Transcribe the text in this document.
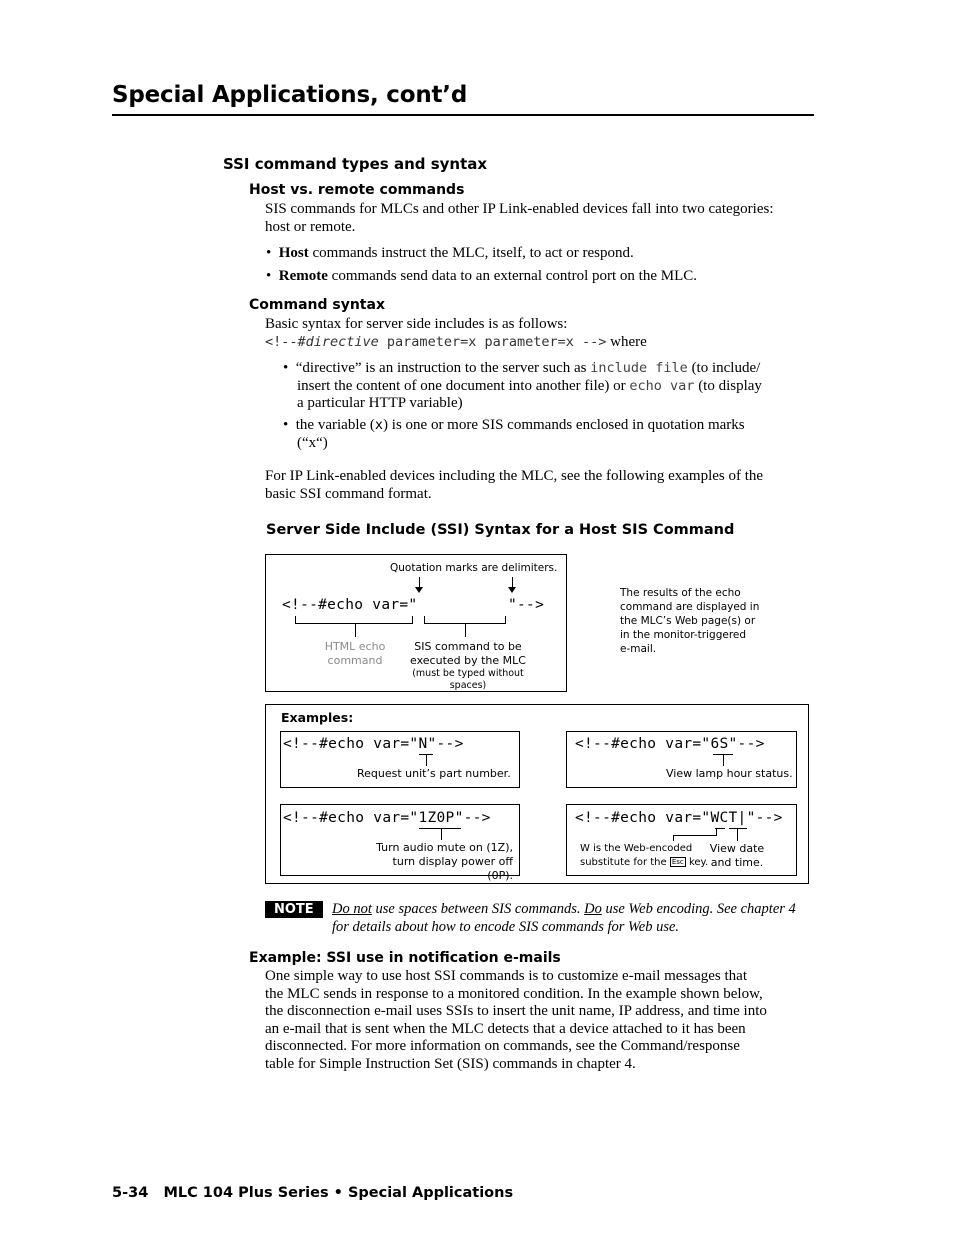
Special Applications, cont’d
SSI command types and syntax
Host vs. remote commands
SIS commands for MLCs and other IP Link-enabled devices fall into two categories:
host or remote.
•  Host commands instruct the MLC, itself, to act or respond.
•  Remote commands send data to an external control port on the MLC.
Command syntax
Basic syntax for server side includes is as follows:
<!--#directive parameter=x parameter=x --> where
•  “directive” is an instruction to the server such as include file (to include/
insert the content of one document into another file) or echo var (to display
a particular HTTP variable)
•  the variable (x) is one or more SIS commands enclosed in quotation marks
(“x“)
For IP Link-enabled devices including the MLC, see the following examples of the
basic SSI command format.
Server Side Include (SSI) Syntax for a Host SIS Command
Quotation marks are delimiters.
<!--#echo var="	"-->
HTML echo
command
SIS command to be
executed by the MLC
(must be typed without spaces)
The results of the echo
command are displayed in
the MLC’s Web page(s) or
in the monitor-triggered
e-mail.
Examples:
<!--#echo var="N"-->
Request unit’s part number.
<!--#echo var="6S"-->
View lamp hour status.
<!--#echo var="1Z0P"-->
Turn audio mute on (1Z),
turn display power off (0P).
<!--#echo var="WCT|"-->
W is the Web-encoded
substitute for the Esc key.
View date
and time.
NOTE	Do not use spaces between SIS commands. Do use Web encoding. See chapter 4
for details about how to encode SIS commands for Web use.
Example: SSI use in notification e-mails
One simple way to use host SSI commands is to customize e-mail messages that
the MLC sends in response to a monitored condition. In the example shown below,
the disconnection e-mail uses SSIs to insert the unit name, IP address, and time into
an e-mail that is sent when the MLC detects that a device attached to it has been
disconnected. For more information on commands, see the Command/response
table for Simple Instruction Set (SIS) commands in chapter 4.
5-34 MLC 104 Plus Series • Special Applications
